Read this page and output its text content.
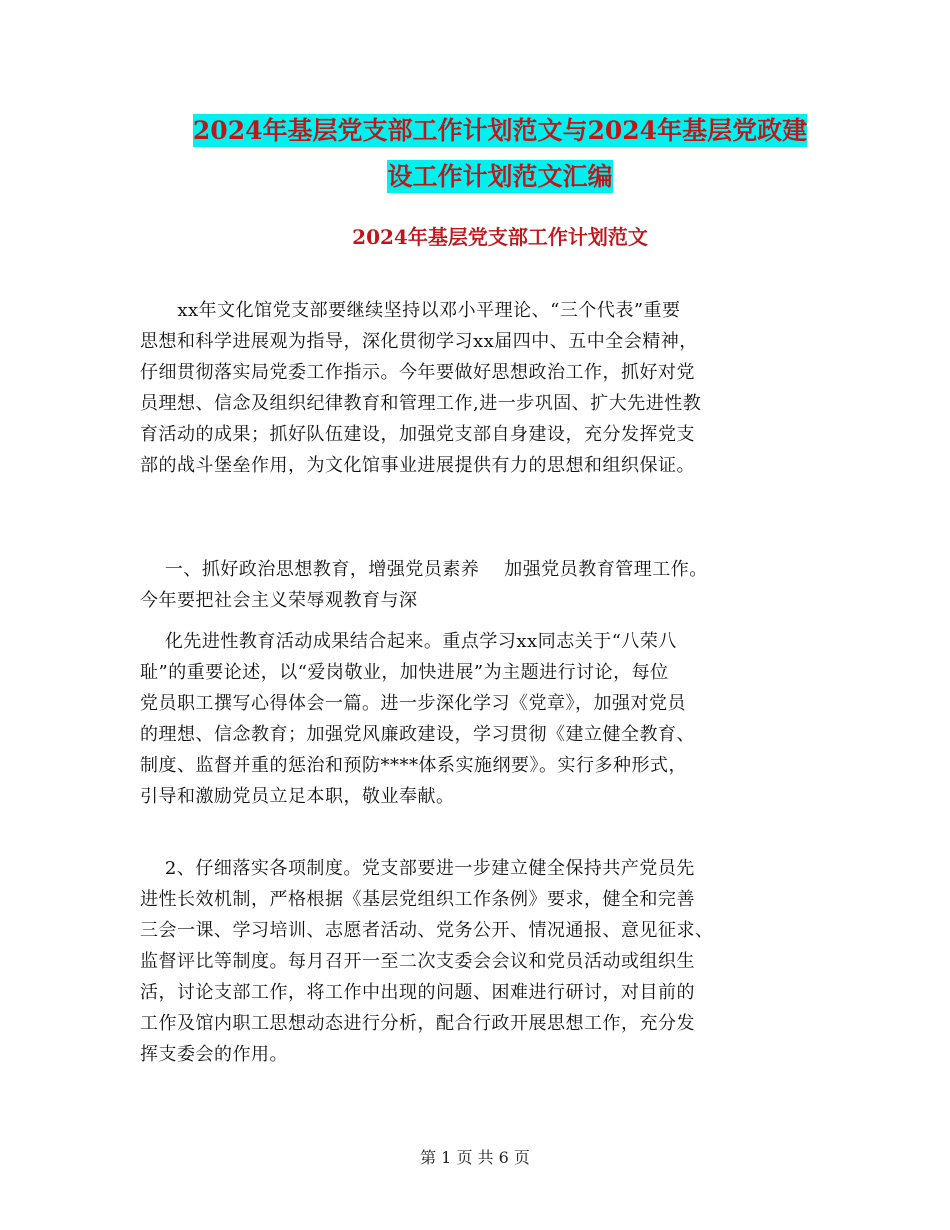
2024年基层党支部工作计划范文与2024年基层党政建
设工作计划范文汇编
2024年基层党支部工作计划范文

xx年文化馆党支部要继续坚持以邓小平理论、“三个代表”重要
思想和科学进展观为指导，深化贯彻学习xx届四中、五中全会精神，
仔细贯彻落实局党委工作指示。今年要做好思想政治工作，抓好对党
员理想、信念及组织纪律教育和管理工作,进一步巩固、扩大先进性教
育活动的成果；抓好队伍建设，加强党支部自身建设，充分发挥党支
部的战斗堡垒作用，为文化馆事业进展提供有力的思想和组织保证。

一、抓好政治思想教育，增强党员素养    加强党员教育管理工作。
今年要把社会主义荣辱观教育与深

化先进性教育活动成果结合起来。重点学习xx同志关于“八荣八
耻”的重要论述，以“爱岗敬业，加快进展”为主题进行讨论，每位
党员职工撰写心得体会一篇。进一步深化学习《党章》，加强对党员
的理想、信念教育；加强党风廉政建设，学习贯彻《建立健全教育、
制度、监督并重的惩治和预防****体系实施纲要》。实行多种形式，
引导和激励党员立足本职，敬业奉献。

2、仔细落实各项制度。党支部要进一步建立健全保持共产党员先
进性长效机制，严格根据《基层党组织工作条例》要求，健全和完善
三会一课、学习培训、志愿者活动、党务公开、情况通报、意见征求、
监督评比等制度。每月召开一至二次支委会会议和党员活动或组织生
活，讨论支部工作，将工作中出现的问题、困难进行研讨，对目前的
工作及馆内职工思想动态进行分析，配合行政开展思想工作，充分发
挥支委会的作用。

第 1 页 共 6 页
